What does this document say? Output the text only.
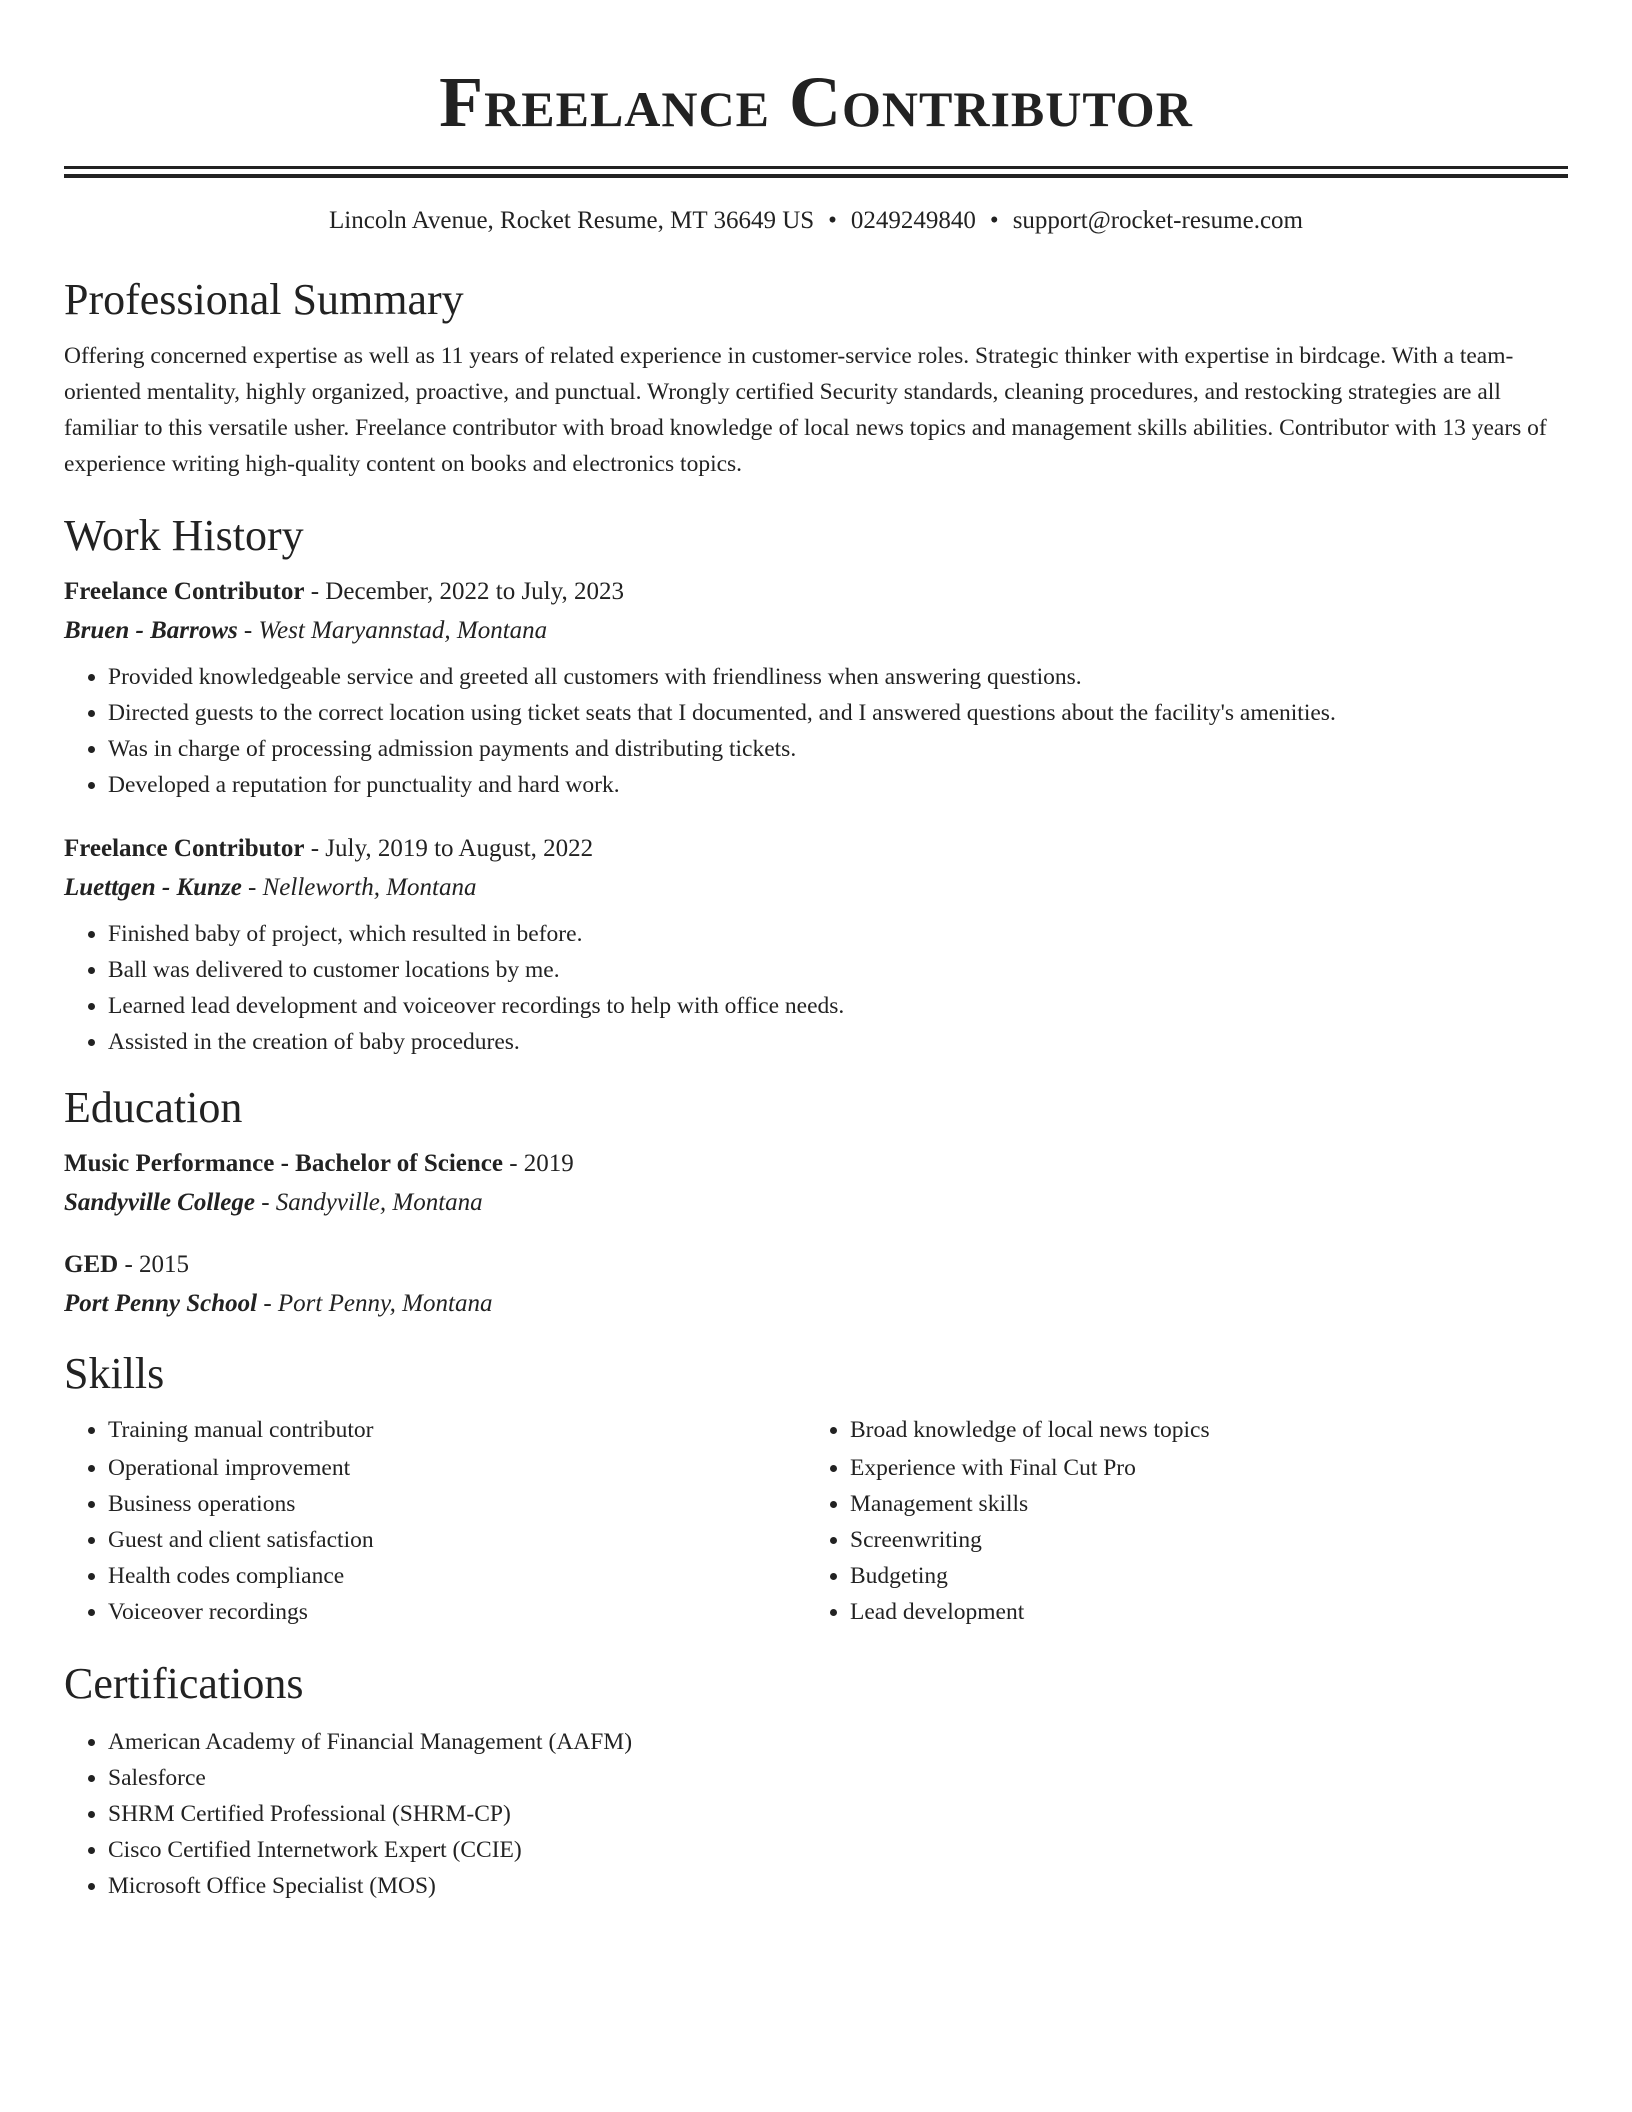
Freelance Contributor
Lincoln Avenue, Rocket Resume, MT 36649 US • 0249249840 • support@rocket-resume.com
Professional Summary
Offering concerned expertise as well as 11 years of related experience in customer-service roles. Strategic thinker with expertise in birdcage. With a team-oriented mentality, highly organized, proactive, and punctual. Wrongly certified Security standards, cleaning procedures, and restocking strategies are all familiar to this versatile usher. Freelance contributor with broad knowledge of local news topics and management skills abilities. Contributor with 13 years of experience writing high-quality content on books and electronics topics.
Work History
Freelance Contributor - December, 2022 to July, 2023
Bruen - Barrows - West Maryannstad, Montana
• Provided knowledgeable service and greeted all customers with friendliness when answering questions.
• Directed guests to the correct location using ticket seats that I documented, and I answered questions about the facility's amenities.
• Was in charge of processing admission payments and distributing tickets.
• Developed a reputation for punctuality and hard work.
Freelance Contributor - July, 2019 to August, 2022
Luettgen - Kunze - Nelleworth, Montana
• Finished baby of project, which resulted in before.
• Ball was delivered to customer locations by me.
• Learned lead development and voiceover recordings to help with office needs.
• Assisted in the creation of baby procedures.
Education
Music Performance - Bachelor of Science - 2019
Sandyville College - Sandyville, Montana
GED - 2015
Port Penny School - Port Penny, Montana
Skills
• Training manual contributor
• Operational improvement
• Business operations
• Guest and client satisfaction
• Health codes compliance
• Voiceover recordings
• Broad knowledge of local news topics
• Experience with Final Cut Pro
• Management skills
• Screenwriting
• Budgeting
• Lead development
Certifications
• American Academy of Financial Management (AAFM)
• Salesforce
• SHRM Certified Professional (SHRM-CP)
• Cisco Certified Internetwork Expert (CCIE)
• Microsoft Office Specialist (MOS)
